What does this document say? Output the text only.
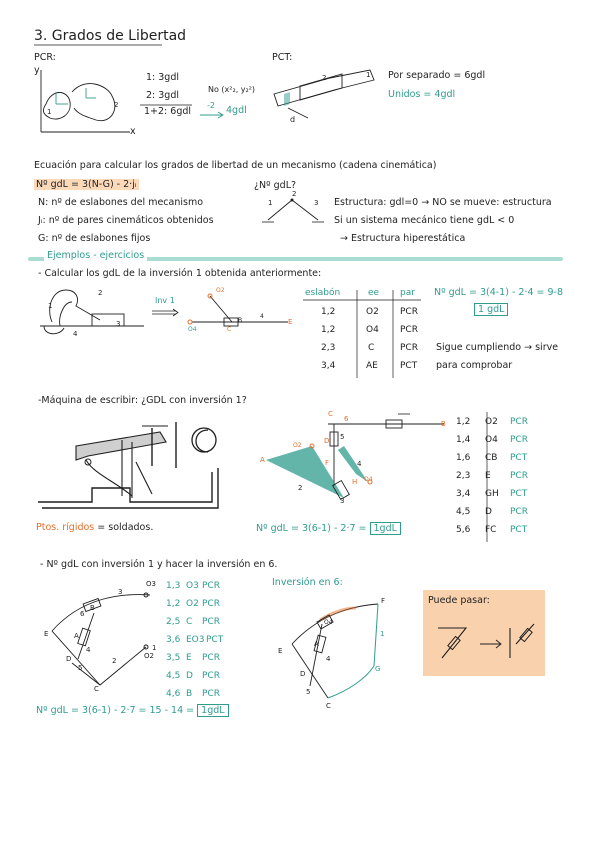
3. Grados de Libertad
PCR:
y
x
1
2
1: 3gdl
2: 3gdl
1+2: 6gdl
No (x²₂, y₂²)
-2 4gdl
PCT:
2	1
d
Por separado = 6gdl
Unidos = 4gdl
Ecuación para calcular los grados de libertad de un mecanismo (cadena cinemática)
Nº gdL = 3(N-G) - 2·jᵢ
N: nº de eslabones del mecanismo
Jᵢ: nº de pares cinemáticos obtenidos
G: nº de eslabones fijos
¿Nº gdL?
1
2
3 Estructura: gdl=0 → NO se mueve: estructura
Si un sistema mecánico tiene gdL < 0
→ Estructura hiperestática
Ejemplos - ejercicios
- Calcular los gdL de la inversión 1 obtenida anteriormente:
1
2
3
4
Inv 1
O2
O4
B
C
E
4
eslabón	ee par
1,2	O2 PCR
1,2	O4 PCR
2,3	C	PCR
3,4	AE PCT
Nº gdL = 3(4-1) - 2·4 = 9-8
1 gdL
Sigue cumpliendo → sirve
para comprobar
-Máquina de escribir: ¿GDL con inversión 1?
Ptos. rígidos = soldados.
C
6
B
D 5
O2
O4
A	F
H
2
3
4
Nº gdL = 3(6-1) - 2·7 = 1gdL
1,2 O2 PCR
1,4 O4 PCR
1,6 CB PCT
2,3 E PCR
3,4 GH PCT
4,5 D PCR
5,6 FC PCT
- Nº gdL con inversión 1 y hacer la inversión en 6.
O3
3
B
6
E	A
D
4	1
2
O2
5
C
1,3 O3 PCR
1,2 O2 PCR
2,5 C PCR
3,6 EO3 PCT
3,5 E PCR
4,5 D PCR
4,6 B PCR
Nº gdL = 3(6-1) - 2·7 = 15 - 14 = 1gdL
Inversión en 6:
F
O4
E
A
D
1
5
G
C
4
Puede pasar:
